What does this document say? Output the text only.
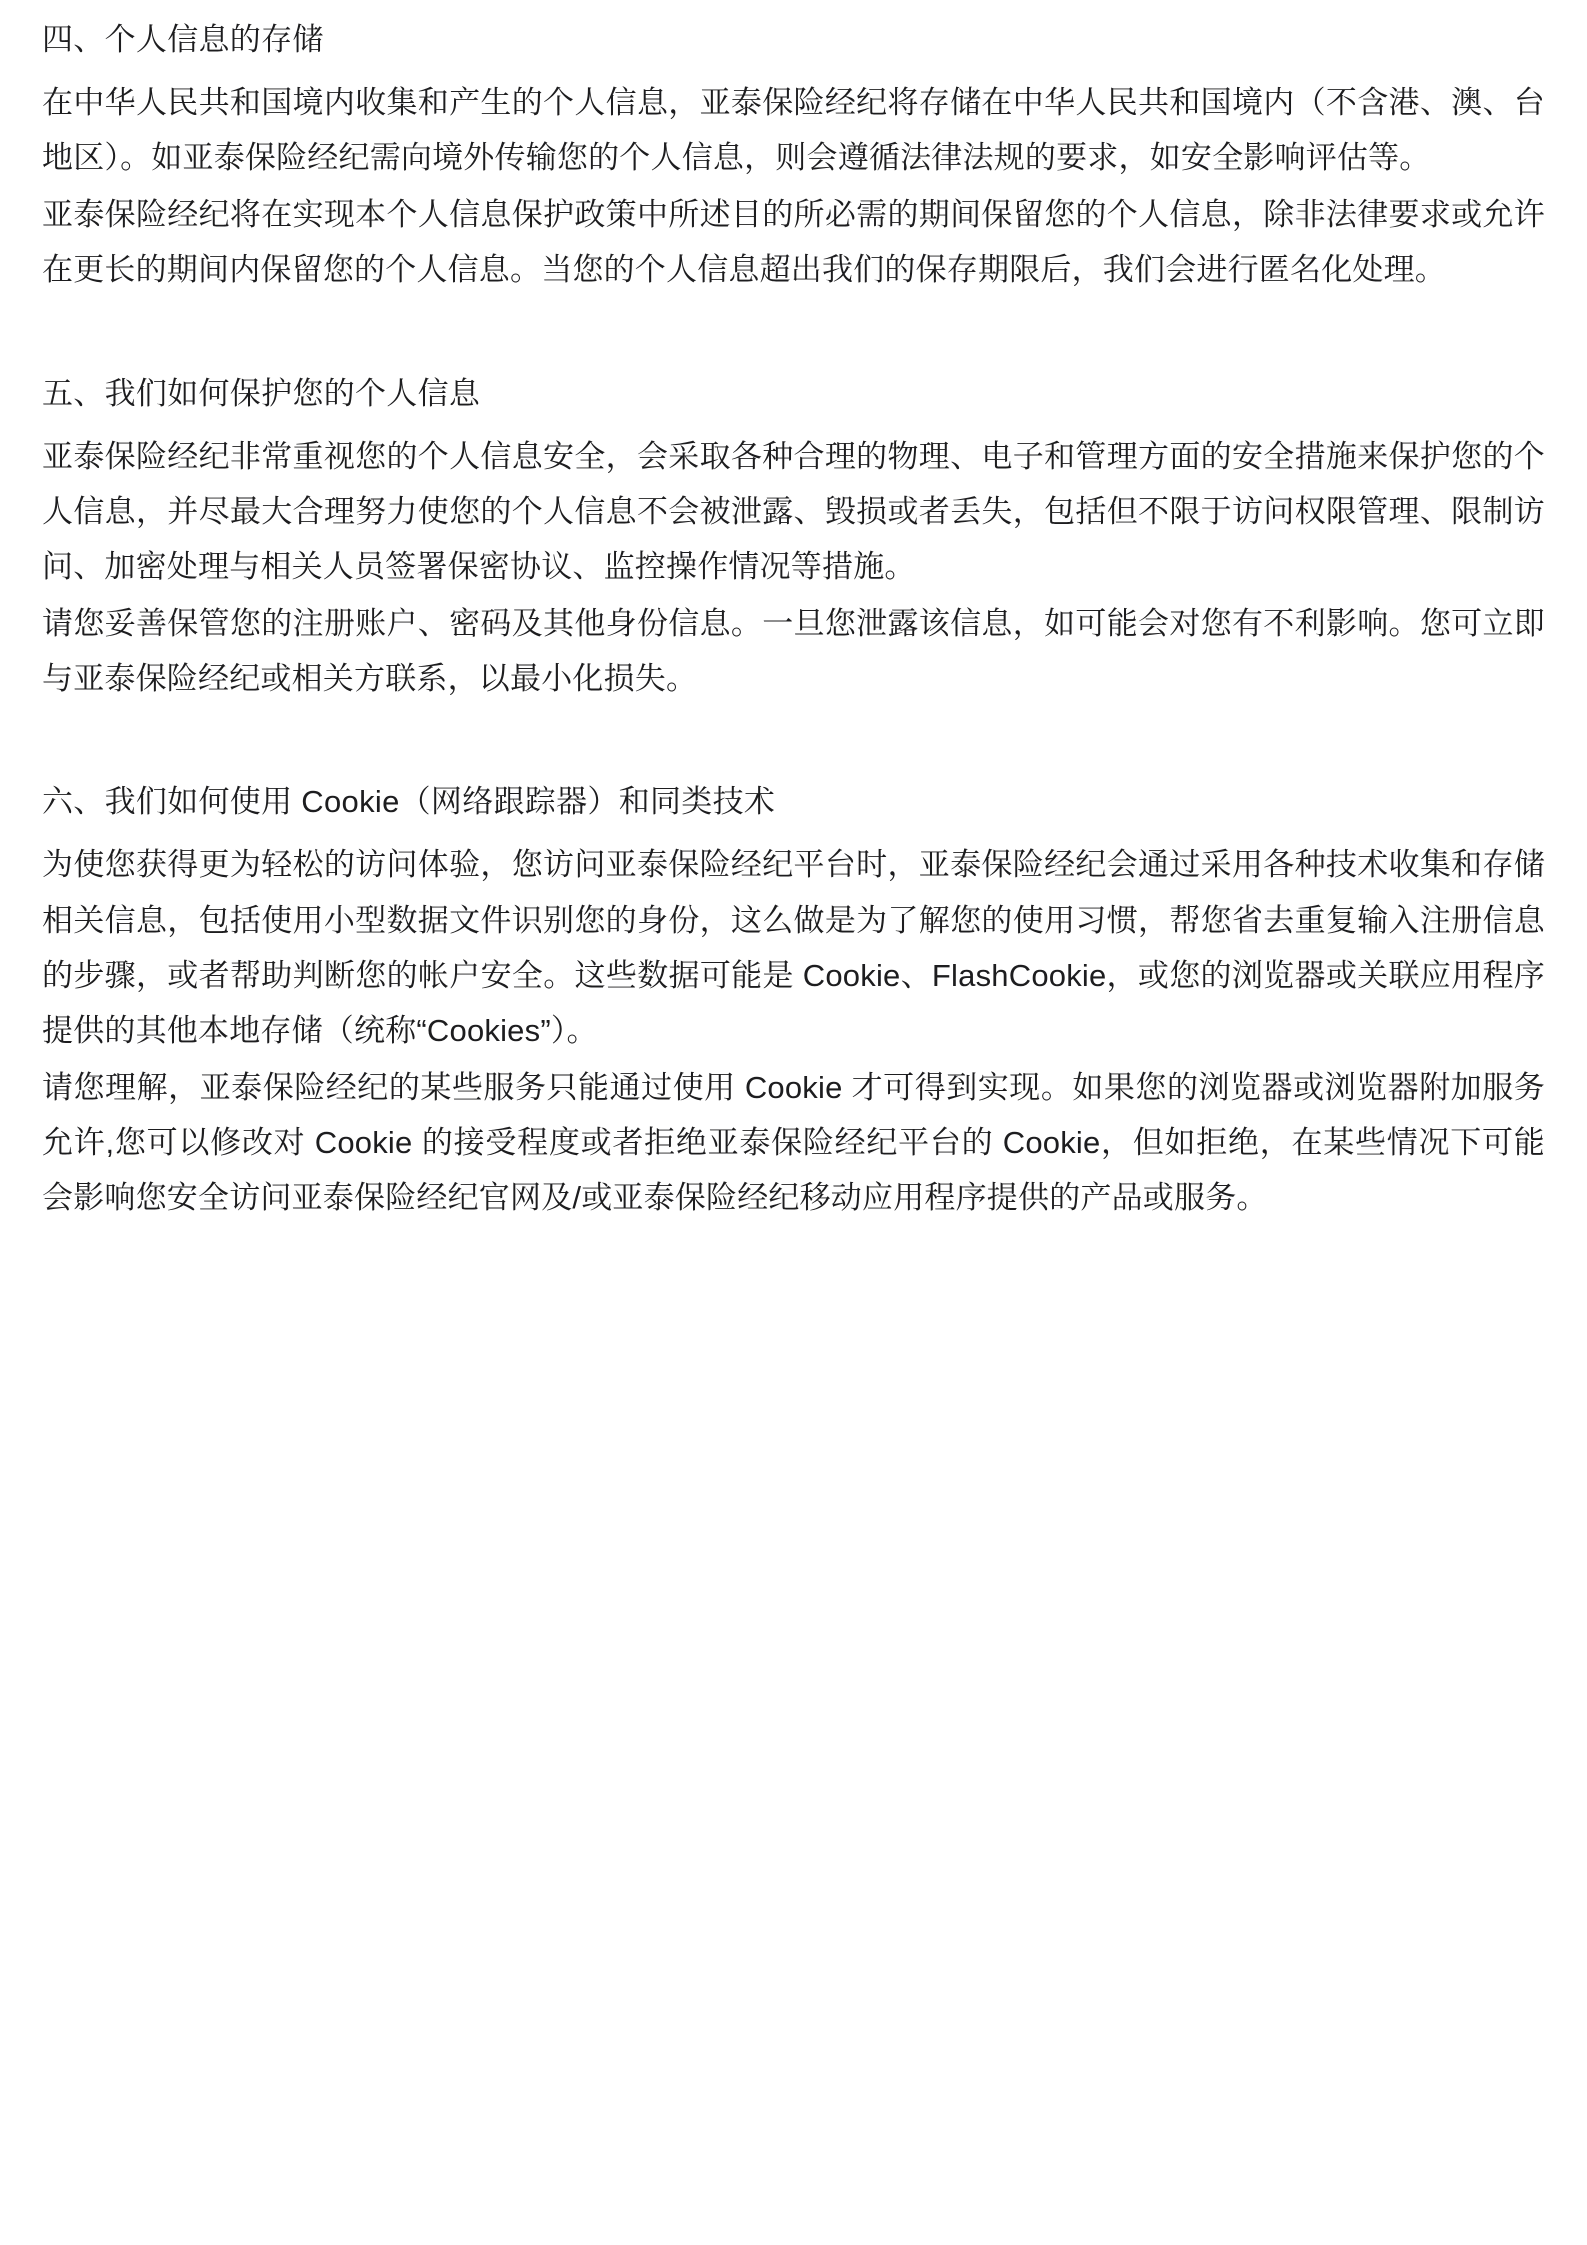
四、个人信息的存储

在中华人民共和国境内收集和产生的个人信息，亚泰保险经纪将存储在中华人民共和国境内（不含港、澳、台地区）。如亚泰保险经纪需向境外传输您的个人信息，则会遵循法律法规的要求，如安全影响评估等。

亚泰保险经纪将在实现本个人信息保护政策中所述目的所必需的期间保留您的个人信息，除非法律要求或允许在更长的期间内保留您的个人信息。当您的个人信息超出我们的保存期限后，我们会进行匿名化处理。

五、我们如何保护您的个人信息

亚泰保险经纪非常重视您的个人信息安全，会采取各种合理的物理、电子和管理方面的安全措施来保护您的个人信息，并尽最大合理努力使您的个人信息不会被泄露、毁损或者丢失，包括但不限于访问权限管理、限制访问、加密处理与相关人员签署保密协议、监控操作情况等措施。

请您妥善保管您的注册账户、密码及其他身份信息。一旦您泄露该信息，如可能会对您有不利影响。您可立即与亚泰保险经纪或相关方联系，以最小化损失。

六、我们如何使用 Cookie（网络跟踪器）和同类技术

为使您获得更为轻松的访问体验，您访问亚泰保险经纪平台时，亚泰保险经纪会通过采用各种技术收集和存储相关信息，包括使用小型数据文件识别您的身份，这么做是为了解您的使用习惯，帮您省去重复输入注册信息的步骤，或者帮助判断您的帐户安全。这些数据可能是 Cookie、FlashCookie，或您的浏览器或关联应用程序提供的其他本地存储（统称“Cookies”）。

请您理解，亚泰保险经纪的某些服务只能通过使用 Cookie 才可得到实现。如果您的浏览器或浏览器附加服务允许,您可以修改对 Cookie 的接受程度或者拒绝亚泰保险经纪平台的 Cookie，但如拒绝，在某些情况下可能会影响您安全访问亚泰保险经纪官网及/或亚泰保险经纪移动应用程序提供的产品或服务。
